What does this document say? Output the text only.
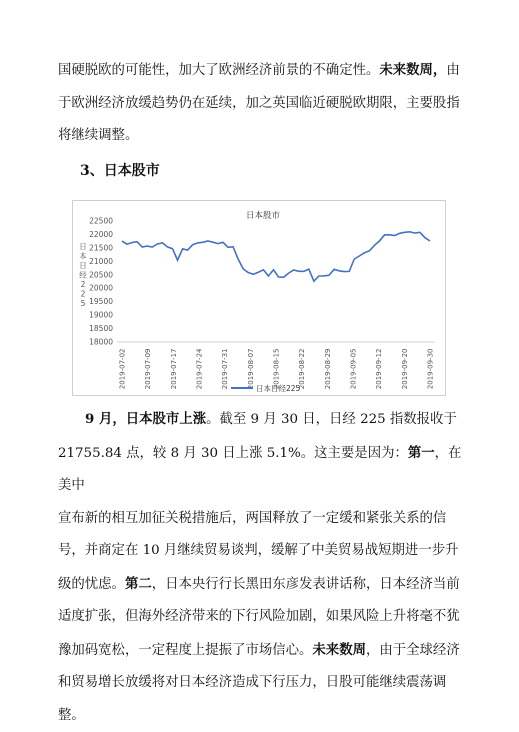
国硬脱欧的可能性，加大了欧洲经济前景的不确定性。未来数周，由
于欧洲经济放缓趋势仍在延续，加之英国临近硬脱欧期限，主要股指
将继续调整。
3、日本股市
日本股市
22500
22000
21500
21000
20500
20000
19500
19000
18500
18000
2019-07-02	2019-07-09	2019-07-17	2019-07-24	2019-07-31	2019-08-07	2019-08-15	2019-08-22	2019-08-29	2019-09-05	2019-09-12	2019-09-20	2019-09-30
日本日经 2 2 5
日本日经225
9 月，日本股市上涨。截至 9 月 30 日，日经 225 指数报收于
21755.84 点，较 8 月 30 日上涨 5.1%。这主要是因为：第一，在美中
宣布新的相互加征关税措施后，两国释放了一定缓和紧张关系的信
号，并商定在 10 月继续贸易谈判，缓解了中美贸易战短期进一步升
级的忧虑。第二，日本央行行长黑田东彦发表讲话称，日本经济当前
适度扩张，但海外经济带来的下行风险加剧，如果风险上升将毫不犹
豫加码宽松，一定程度上提振了市场信心。未来数周，由于全球经济
和贸易增长放缓将对日本经济造成下行压力，日股可能继续震荡调
整。
